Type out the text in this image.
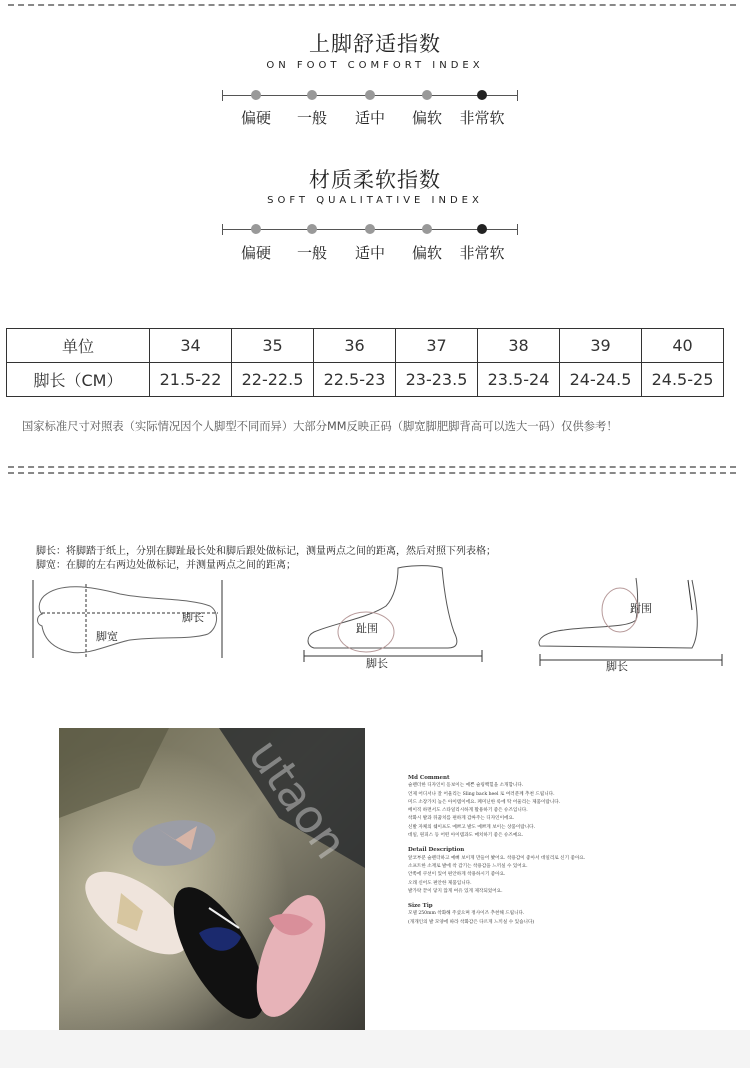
上脚舒适指数
ON FOOT COMFORT INDEX
偏硬	一般	适中	偏软	非常软
材质柔软指数
SOFT QUALITATIVE INDEX
偏硬	一般	适中	偏软	非常软
单位	34	35	36	37	38	39	40
脚长（CM）	21.5-22	22-22.5	22.5-23	23-23.5	23.5-24	24-24.5	24.5-25
国家标准尺寸对照表（实际情况因个人脚型不同而异）大部分MM反映正码（脚宽脚肥脚背高可以选大一码）仅供参考！
脚长：将脚踏于纸上，分别在脚趾最长处和脚后跟处做标记，测量两点之间的距离，然后对照下列表格；
脚宽：在脚的左右两边处做标记，并测量两点之间的距离；
脚长
脚宽
趾围
脚长
跗围
脚长
utaon	Md Comment
슬렌더한 디자인이 돋보이는 예쁜 슬링백힐을 소개합니다.
언제 어디서나 잘 어울리는 Sling back heel 로 여러분께 추천 드립니다.
미드 소장가치 높은 아이템이에요. 페미닌한 룩에 딱 어울리는 제품이랍니다.
베이직 하면서도 스타일리시하게 활용하기 좋은 슈즈입니다.
착화시 발과 뒤꿈치를 편하게 감싸주는 디자인이에요.
신발 자체의 쉐이프도 예쁘고 발도 예쁘게 보이는 상품이랍니다.
데일, 원피스 등 어떤 아이템과도 매치하기 좋은 슈즈예요.
Detail Description
앞코부분 슬렌더하고 예뻐 보이게 만들어 봤어요. 착용감이 좋아서 데일리로 신기 좋아요.
소프트한 소재로 발에 착 감기는 착용감을 느끼실 수 있어요.
안쪽에 쿠션이 있어 편안하게 착용하시기 좋아요.
오래 신어도 편안한 제품입니다.
발가락 끝이 닿지 않게 여유 있게 제작되었어요.
Size Tip
모델 250mm 착화해 주셨으며 정사이즈 추천해 드립니다.
(개개인의 발 모양에 따라 착화감은 다르게 느끼실 수 있습니다)
